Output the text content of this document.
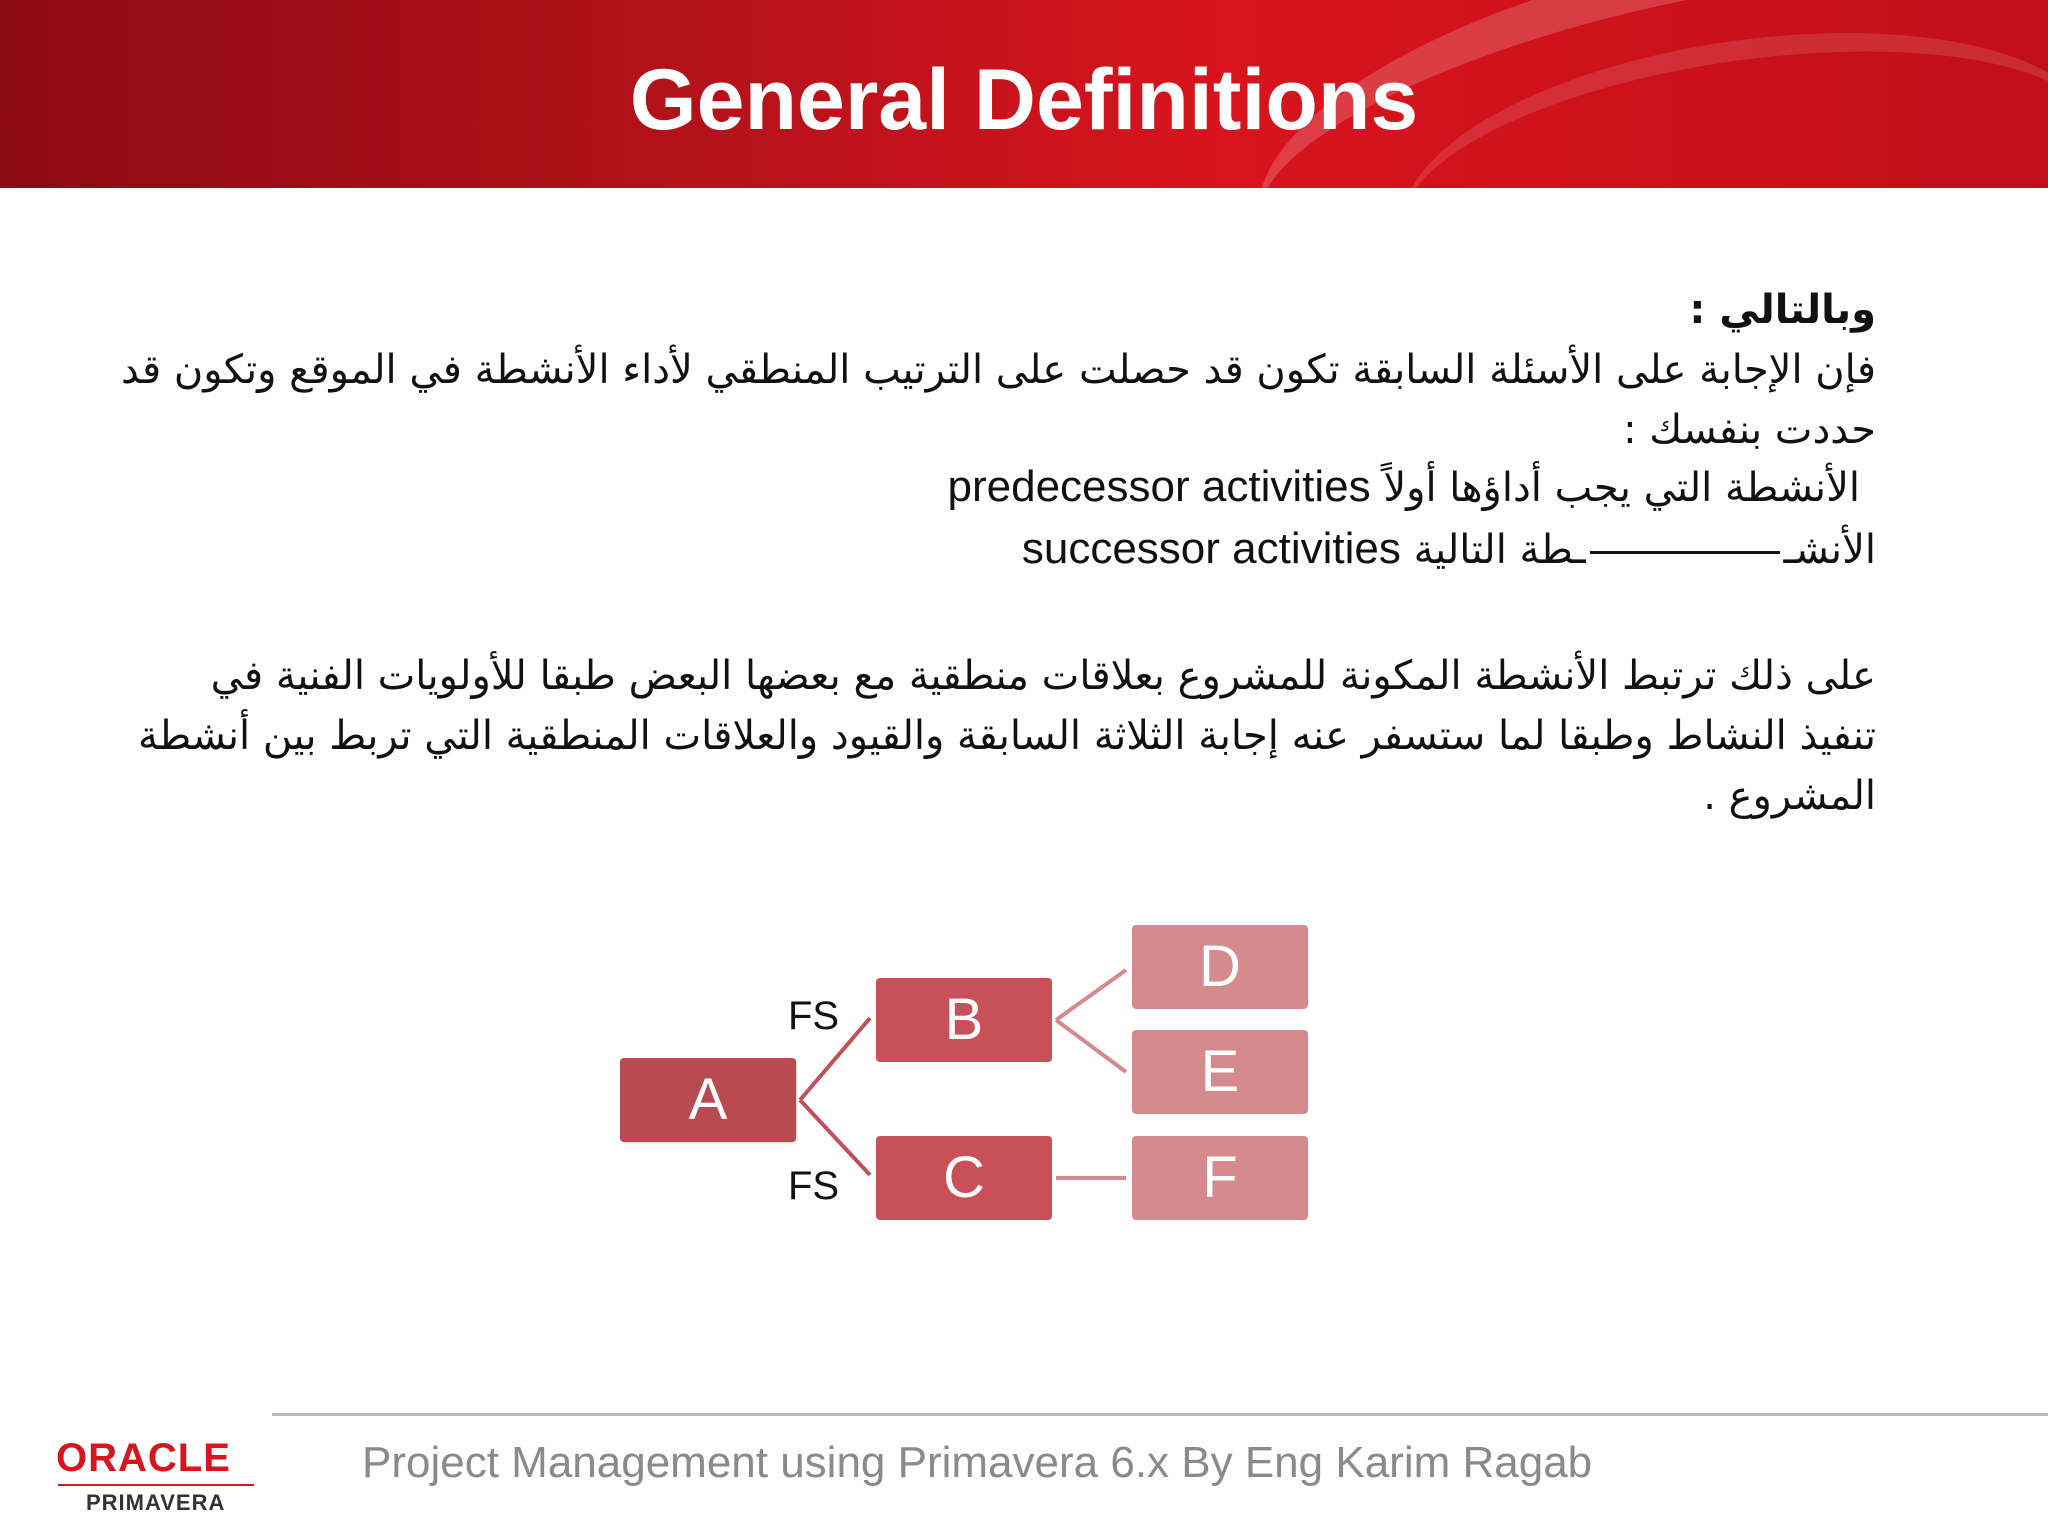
General Definitions
وبالتالي :
فإن الإجابة على الأسئلة السابقة تكون قد حصلت على الترتيب المنطقي لأداء الأنشطة في الموقع وتكون قد
حددت بنفسك :
الأنشطة التي يجب أداؤها أولاً predecessor activities
الأنشــطة التالية successor activities
على ذلك ترتبط الأنشطة المكونة للمشروع بعلاقات منطقية مع بعضها البعض طبقا للأولويات الفنية في
تنفيذ النشاط وطبقا لما ستسفر عنه إجابة الثلاثة السابقة والقيود والعلاقات المنطقية التي تربط بين أنشطة
المشروع .
A
B
C
D
E
F
FS
FS
Project Management using Primavera 6.x By Eng Karim Ragab
ORACLE
PRIMAVERA
